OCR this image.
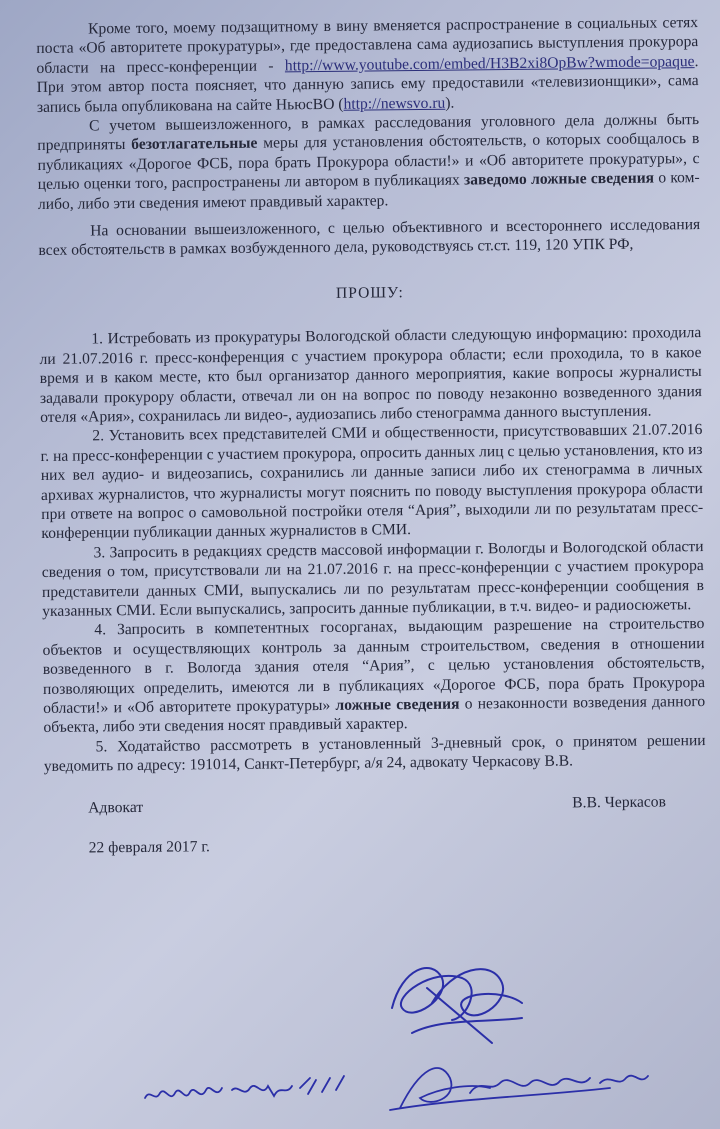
Кроме того, моему подзащитному в вину вменяется распространение в социальных сетях поста «Об авторитете прокуратуры», где предоставлена сама аудиозапись выступления прокурора области на пресс-конференции - http://www.youtube.com/embed/H3B2xi8OpBw?wmode=opaque. При этом автор поста поясняет, что данную запись ему предоставили «телевизионщики», сама запись была опубликована на сайте НьюсВО (http://newsvo.ru).

С учетом вышеизложенного, в рамках расследования уголовного дела должны быть предприняты безотлагательные меры для установления обстоятельств, о которых сообщалось в публикациях «Дорогое ФСБ, пора брать Прокурора области!» и «Об авторитете прокуратуры», с целью оценки того, распространены ли автором в публикациях заведомо ложные сведения о ком-либо, либо эти сведения имеют правдивый характер.

На основании вышеизложенного, с целью объективного и всестороннего исследования всех обстоятельств в рамках возбужденного дела, руководствуясь ст.ст. 119, 120 УПК РФ,

ПРОШУ:

1. Истребовать из прокуратуры Вологодской области следующую информацию: проходила ли 21.07.2016 г. пресс-конференция с участием прокурора области; если проходила, то в какое время и в каком месте, кто был организатор данного мероприятия, какие вопросы журналисты задавали прокурору области, отвечал ли он на вопрос по поводу незаконно возведенного здания отеля «Ария», сохранилась ли видео-, аудиозапись либо стенограмма данного выступления.

2. Установить всех представителей СМИ и общественности, присутствовавших 21.07.2016 г. на пресс-конференции с участием прокурора, опросить данных лиц с целью установления, кто из них вел аудио- и видеозапись, сохранились ли данные записи либо их стенограмма в личных архивах журналистов, что журналисты могут пояснить по поводу выступления прокурора области при ответе на вопрос о самовольной постройки отеля “Ария”, выходили ли по результатам пресс-конференции публикации данных журналистов в СМИ.

3. Запросить в редакциях средств массовой информации г. Вологды и Вологодской области сведения о том, присутствовали ли на 21.07.2016 г. на пресс-конференции с участием прокурора представители данных СМИ, выпускались ли по результатам пресс-конференции сообщения в указанных СМИ. Если выпускались, запросить данные публикации, в т.ч. видео- и радиосюжеты.

4. Запросить в компетентных госорганах, выдающим разрешение на строительство объектов и осуществляющих контроль за данным строительством, сведения в отношении возведенного в г. Вологда здания отеля “Ария”, с целью установления обстоятельств, позволяющих определить, имеются ли в публикациях «Дорогое ФСБ, пора брать Прокурора области!» и «Об авторитете прокуратуры» ложные сведения о незаконности возведения данного объекта, либо эти сведения носят правдивый характер.

5. Ходатайство рассмотреть в установленный 3-дневный срок, о принятом решении уведомить по адресу: 191014, Санкт-Петербург, а/я 24, адвокату Черкасову В.В.

Адвокат	В.В. Черкасов
22 февраля 2017 г.
